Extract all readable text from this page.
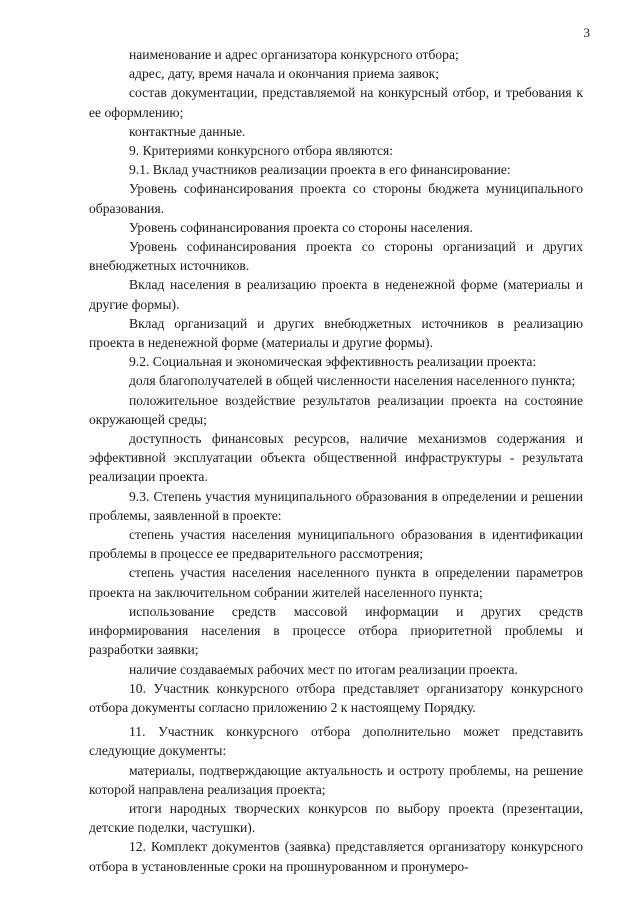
3

наименование и адрес организатора конкурсного отбора;

адрес, дату, время начала и окончания приема заявок;

состав документации, представляемой на конкурсный отбор, и требования к ее оформлению;

контактные данные.

9. Критериями конкурсного отбора являются:

9.1. Вклад участников реализации проекта в его финансирование:

Уровень софинансирования проекта со стороны бюджета муниципального образования.

Уровень софинансирования проекта со стороны населения.

Уровень софинансирования проекта со стороны организаций и других внебюджетных источников.

Вклад населения в реализацию проекта в неденежной форме (материалы и другие формы).

Вклад организаций и других внебюджетных источников в реализацию проекта в неденежной форме (материалы и другие формы).

9.2. Социальная и экономическая эффективность реализации проекта:

доля благополучателей в общей численности населения населенного пункта;

положительное воздействие результатов реализации проекта на состояние окружающей среды;

доступность финансовых ресурсов, наличие механизмов содержания и эффективной эксплуатации объекта общественной инфраструктуры - результата реализации проекта.

9.3. Степень участия муниципального образования в определении и решении проблемы, заявленной в проекте:

степень участия населения муниципального образования в идентификации проблемы в процессе ее предварительного рассмотрения;

степень участия населения населенного пункта в определении параметров проекта на заключительном собрании жителей населенного пункта;

использование средств массовой информации и других средств информирования населения в процессе отбора приоритетной проблемы и разработки заявки;

наличие создаваемых рабочих мест по итогам реализации проекта.

10. Участник конкурсного отбора представляет организатору конкурсного отбора документы согласно приложению 2 к настоящему Порядку.

11. Участник конкурсного отбора дополнительно может представить следующие документы:

материалы, подтверждающие актуальность и остроту проблемы, на решение которой направлена реализация проекта;

итоги народных творческих конкурсов по выбору проекта (презентации, детские поделки, частушки).

12. Комплект документов (заявка) представляется организатору конкурсного отбора в установленные сроки на прошнурованном и пронумеро-
